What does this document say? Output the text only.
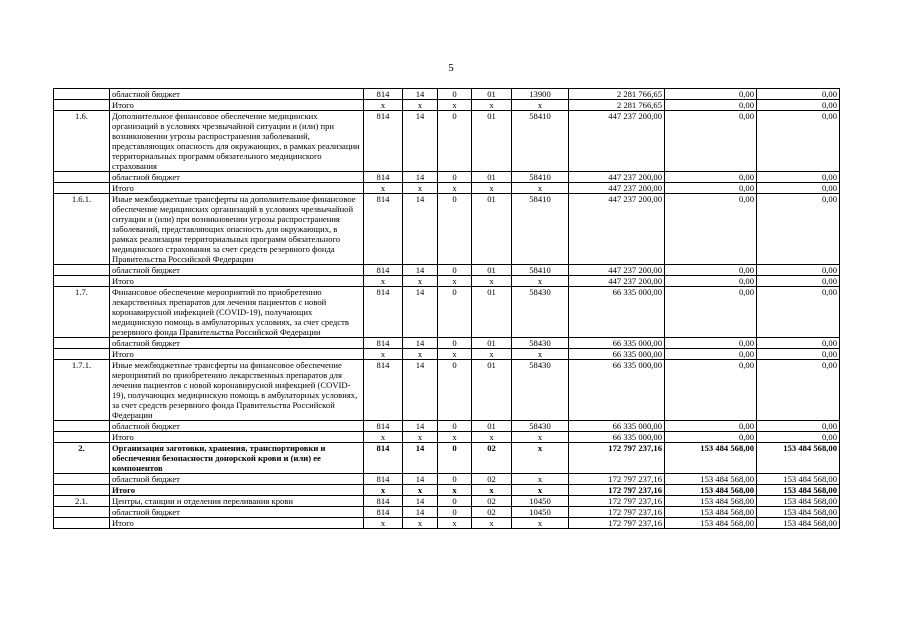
5
	областной бюджет	814	14	0	01	13900	2 281 766,65	0,00	0,00
	Итого	х	х	х	х	х	2 281 766,65	0,00	0,00
1.6.	Дополнительное финансовое обеспечение медицинских организаций в условиях чрезвычайной ситуации и (или) при возникновении угрозы распространения заболеваний, представляющих опасность для окружающих, в рамках реализации территориальных программ обязательного медицинского страхования	814	14	0	01	58410	447 237 200,00	0,00	0,00
	областной бюджет	814	14	0	01	58410	447 237 200,00	0,00	0,00
	Итого	х	х	х	х	х	447 237 200,00	0,00	0,00
1.6.1.	Иные межбюджетные трансферты на дополнительное финансовое обеспечение медицинских организаций в условиях чрезвычайной ситуации и (или) при возникновении угрозы распространения заболеваний, представляющих опасность для окружающих, в рамках реализации территориальных программ обязательного медицинского страхования за счет средств резервного фонда Правительства Российской Федерации	814	14	0	01	58410	447 237 200,00	0,00	0,00
	областной бюджет	814	14	0	01	58410	447 237 200,00	0,00	0,00
	Итого	х	х	х	х	х	447 237 200,00	0,00	0,00
1.7.	Финансовое обеспечение мероприятий по приобретению лекарственных препаратов для лечения пациентов с новой коронавирусной инфекцией (COVID-19), получающих медицинскую помощь в амбулаторных условиях, за счет средств резервного фонда Правительства Российской Федерации	814	14	0	01	58430	66 335 000,00	0,00	0,00
	областной бюджет	814	14	0	01	58430	66 335 000,00	0,00	0,00
	Итого	х	х	х	х	х	66 335 000,00	0,00	0,00
1.7.1.	Иные межбюджетные трансферты на финансовое обеспечение мероприятий по приобретению лекарственных препаратов для лечения пациентов с новой коронавирусной инфекцией (COVID-19), получающих медицинскую помощь в амбулаторных условиях, за счет средств резервного фонда Правительства Российской Федерации	814	14	0	01	58430	66 335 000,00	0,00	0,00
	областной бюджет	814	14	0	01	58430	66 335 000,00	0,00	0,00
	Итого	х	х	х	х	х	66 335 000,00	0,00	0,00
2.	Организация заготовки, хранения, транспортировки и обеспечения безопасности донорской крови и (или) ее компонентов	814	14	0	02	х	172 797 237,16	153 484 568,00	153 484 568,00
	областной бюджет	814	14	0	02	х	172 797 237,16	153 484 568,00	153 484 568,00
	Итого	х	х	х	х	х	172 797 237,16	153 484 568,00	153 484 568,00
2.1.	Центры, станции и отделения переливания крови	814	14	0	02	10450	172 797 237,16	153 484 568,00	153 484 568,00
	областной бюджет	814	14	0	02	10450	172 797 237,16	153 484 568,00	153 484 568,00
	Итого	х	х	х	х	х	172 797 237,16	153 484 568,00	153 484 568,00
